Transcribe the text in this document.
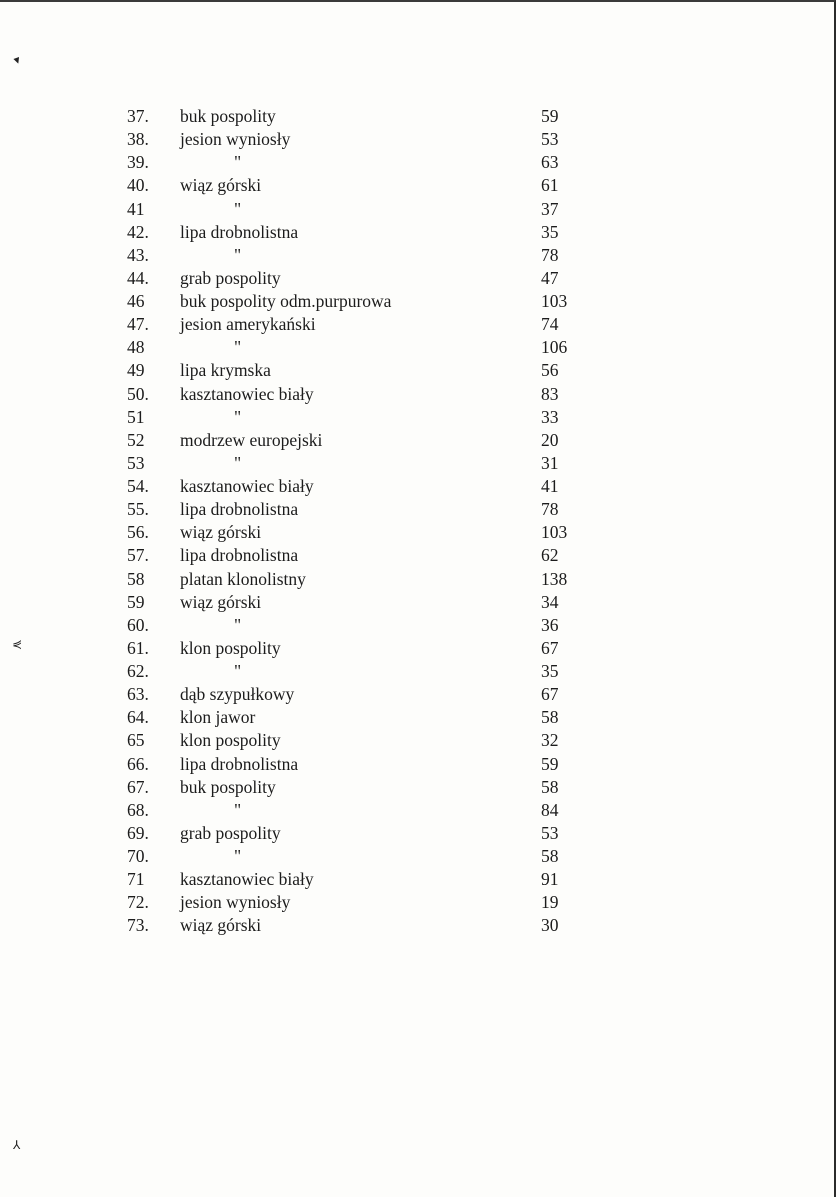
▾
⋞
⅄
37. buk pospolity	59
38. jesion wyniosły	53
39.	"	63
40. wiąz górski	61
41	"	37
42. lipa drobnolistna	35
43.	"	78
44. grab pospolity	47
46 buk pospolity odm.purpurowa	103
47. jesion amerykański	74
48	"	106
49 lipa krymska	56
50. kasztanowiec biały	83
51	"	33
52 modrzew europejski	20
53	"	31
54. kasztanowiec biały	41
55. lipa drobnolistna	78
56. wiąz górski	103
57. lipa drobnolistna	62
58 platan klonolistny	138
59 wiąz górski	34
60.	"	36
61. klon pospolity	67
62.	"	35
63. dąb szypułkowy	67
64. klon jawor	58
65 klon pospolity	32
66. lipa drobnolistna	59
67. buk pospolity	58
68.	"	84
69. grab pospolity	53
70.	"	58
71 kasztanowiec biały	91
72. jesion wyniosły	19
73. wiąz górski	30
